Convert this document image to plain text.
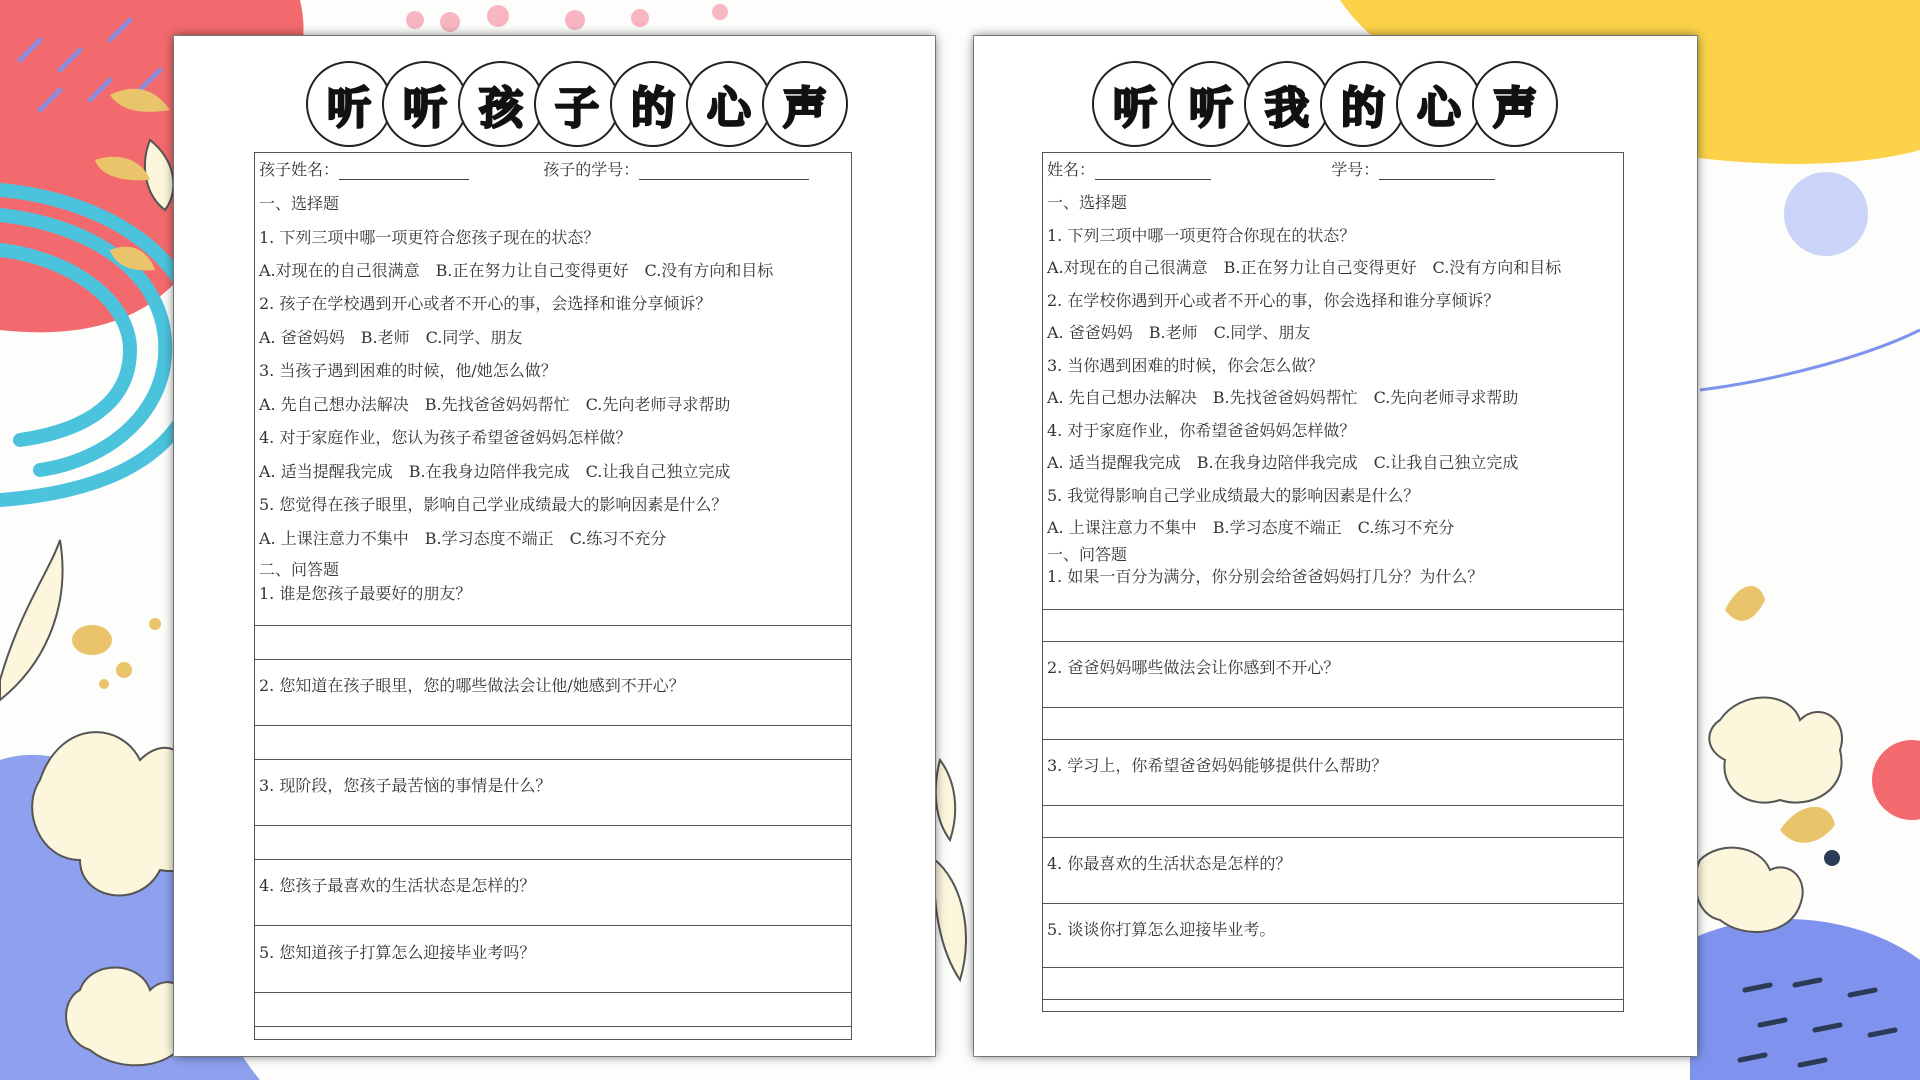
听 听 孩 子 的 心 声
孩子姓名：	孩子的学号：
一、选择题
1. 下列三项中哪一项更符合您孩子现在的状态？
A.对现在的自己很满意 B.正在努力让自己变得更好 C.没有方向和目标
2. 孩子在学校遇到开心或者不开心的事，会选择和谁分享倾诉？
A. 爸爸妈妈 B.老师 C.同学、朋友
3. 当孩子遇到困难的时候，他/她怎么做？
A. 先自己想办法解决 B.先找爸爸妈妈帮忙 C.先向老师寻求帮助
4. 对于家庭作业，您认为孩子希望爸爸妈妈怎样做？
A. 适当提醒我完成 B.在我身边陪伴我完成 C.让我自己独立完成
5. 您觉得在孩子眼里，影响自己学业成绩最大的影响因素是什么？
A. 上课注意力不集中 B.学习态度不端正 C.练习不充分
二、问答题
1. 谁是您孩子最要好的朋友？
2. 您知道在孩子眼里，您的哪些做法会让他/她感到不开心？
3. 现阶段，您孩子最苦恼的事情是什么？
4. 您孩子最喜欢的生活状态是怎样的？
5. 您知道孩子打算怎么迎接毕业考吗？
听 听 我 的 心 声
姓名：	学号：
一、选择题
1. 下列三项中哪一项更符合你现在的状态？
A.对现在的自己很满意 B.正在努力让自己变得更好 C.没有方向和目标
2. 在学校你遇到开心或者不开心的事，你会选择和谁分享倾诉？
A. 爸爸妈妈 B.老师 C.同学、朋友
3. 当你遇到困难的时候，你会怎么做？
A. 先自己想办法解决 B.先找爸爸妈妈帮忙 C.先向老师寻求帮助
4. 对于家庭作业，你希望爸爸妈妈怎样做？
A. 适当提醒我完成 B.在我身边陪伴我完成 C.让我自己独立完成
5. 我觉得影响自己学业成绩最大的影响因素是什么？
A. 上课注意力不集中 B.学习态度不端正 C.练习不充分
一、问答题
1. 如果一百分为满分，你分别会给爸爸妈妈打几分？为什么？
2. 爸爸妈妈哪些做法会让你感到不开心？
3. 学习上，你希望爸爸妈妈能够提供什么帮助？
4. 你最喜欢的生活状态是怎样的？
5. 谈谈你打算怎么迎接毕业考。
